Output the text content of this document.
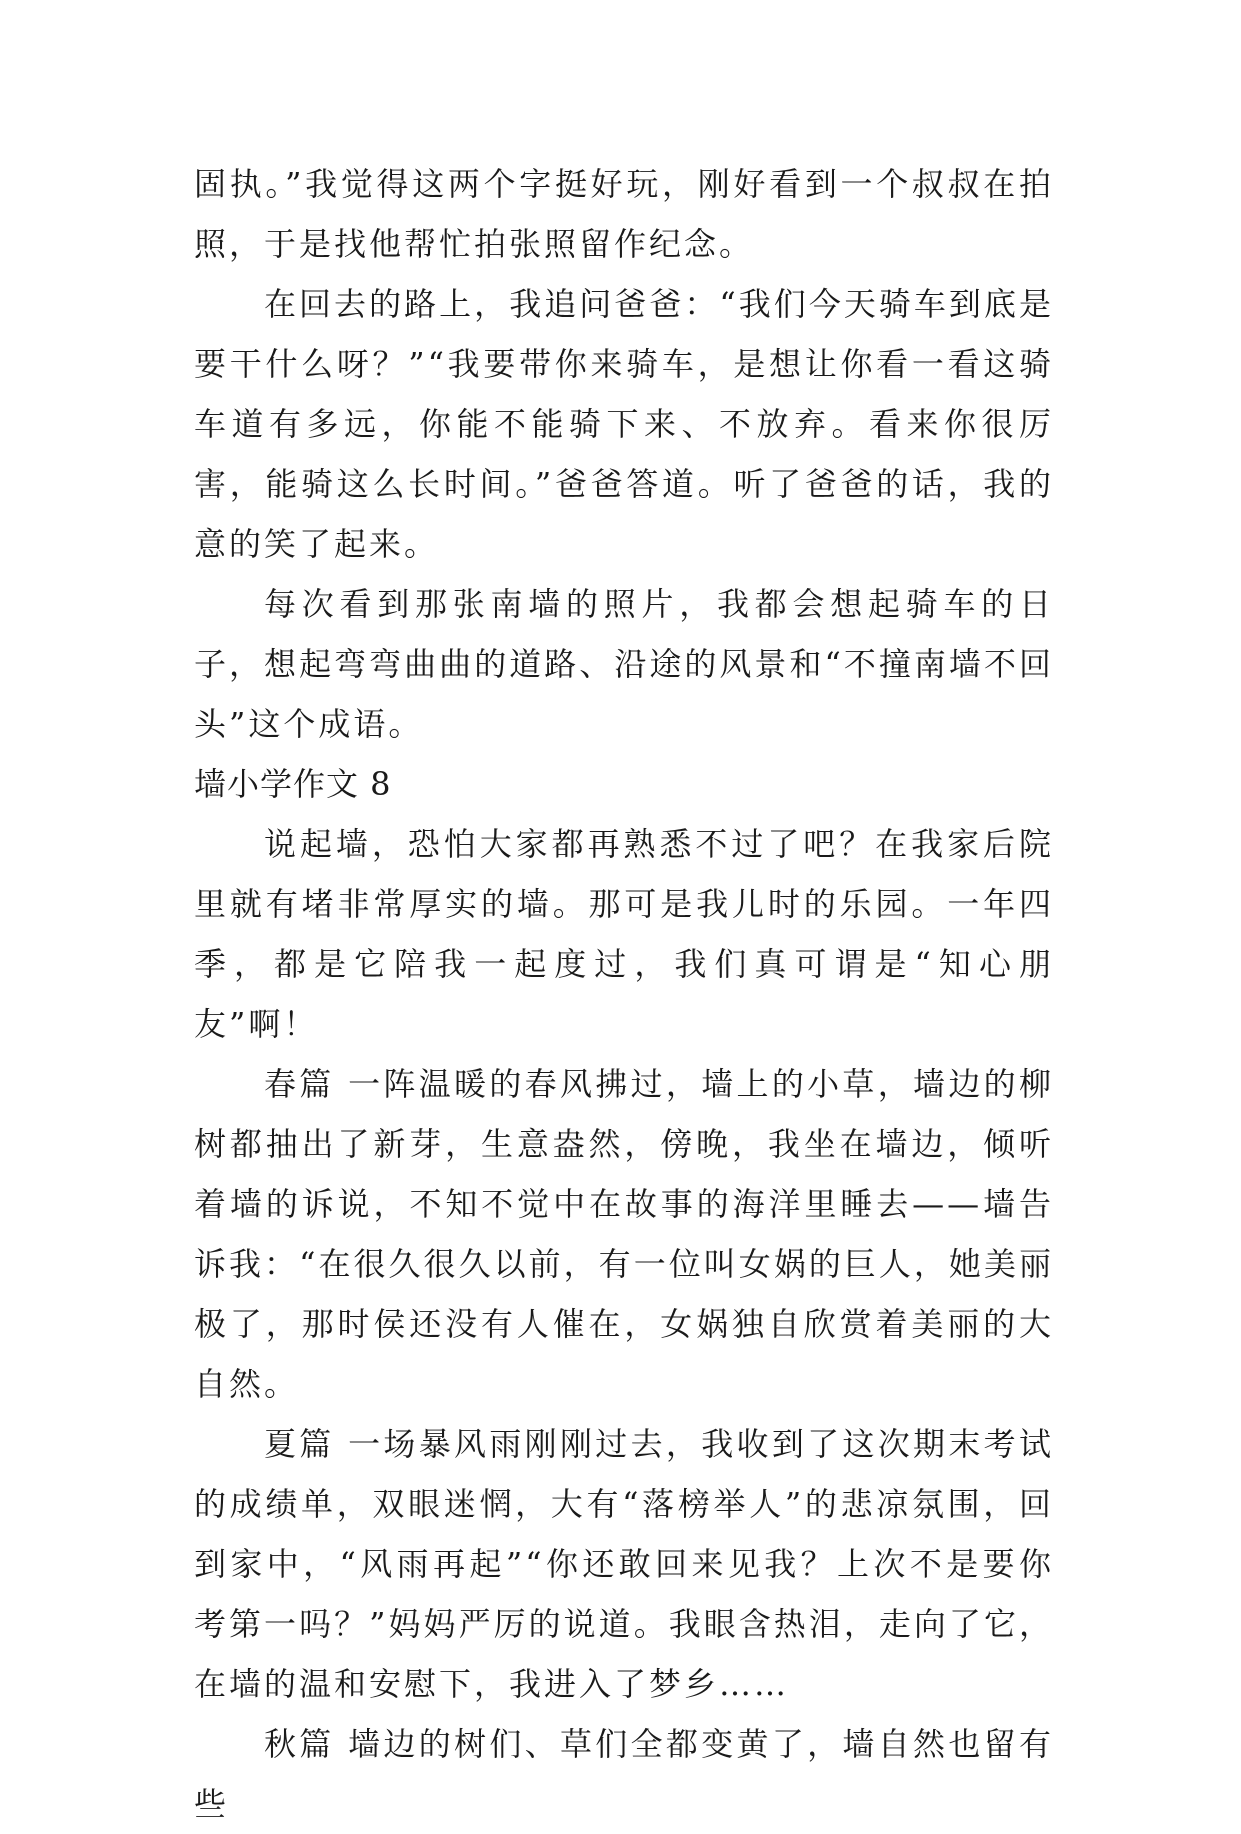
固执。”我觉得这两个字挺好玩，刚好看到一个叔叔在拍照，于是找他帮忙拍张照留作纪念。

在回去的路上，我追问爸爸：“我们今天骑车到底是要干什么呀？”“我要带你来骑车，是想让你看一看这骑车道有多远，你能不能骑下来、不放弃。看来你很厉害，能骑这么长时间。”爸爸答道。听了爸爸的话，我的意的笑了起来。

每次看到那张南墙的照片，我都会想起骑车的日子，想起弯弯曲曲的道路、沿途的风景和“不撞南墙不回头”这个成语。

墙小学作文 8

说起墙，恐怕大家都再熟悉不过了吧？在我家后院里就有堵非常厚实的墙。那可是我儿时的乐园。一年四季，都是它陪我一起度过，我们真可谓是“知心朋友”啊！

春篇 一阵温暖的春风拂过，墙上的小草，墙边的柳树都抽出了新芽，生意盎然，傍晚，我坐在墙边，倾听着墙的诉说，不知不觉中在故事的海洋里睡去——墙告诉我：“在很久很久以前，有一位叫女娲的巨人，她美丽极了，那时侯还没有人催在，女娲独自欣赏着美丽的大自然。

夏篇 一场暴风雨刚刚过去，我收到了这次期末考试的成绩单，双眼迷惘，大有“落榜举人”的悲凉氛围，回到家中，“风雨再起”“你还敢回来见我？上次不是要你考第一吗？”妈妈严厉的说道。我眼含热泪，走向了它，在墙的温和安慰下，我进入了梦乡……

秋篇 墙边的树们、草们全都变黄了，墙自然也留有些
